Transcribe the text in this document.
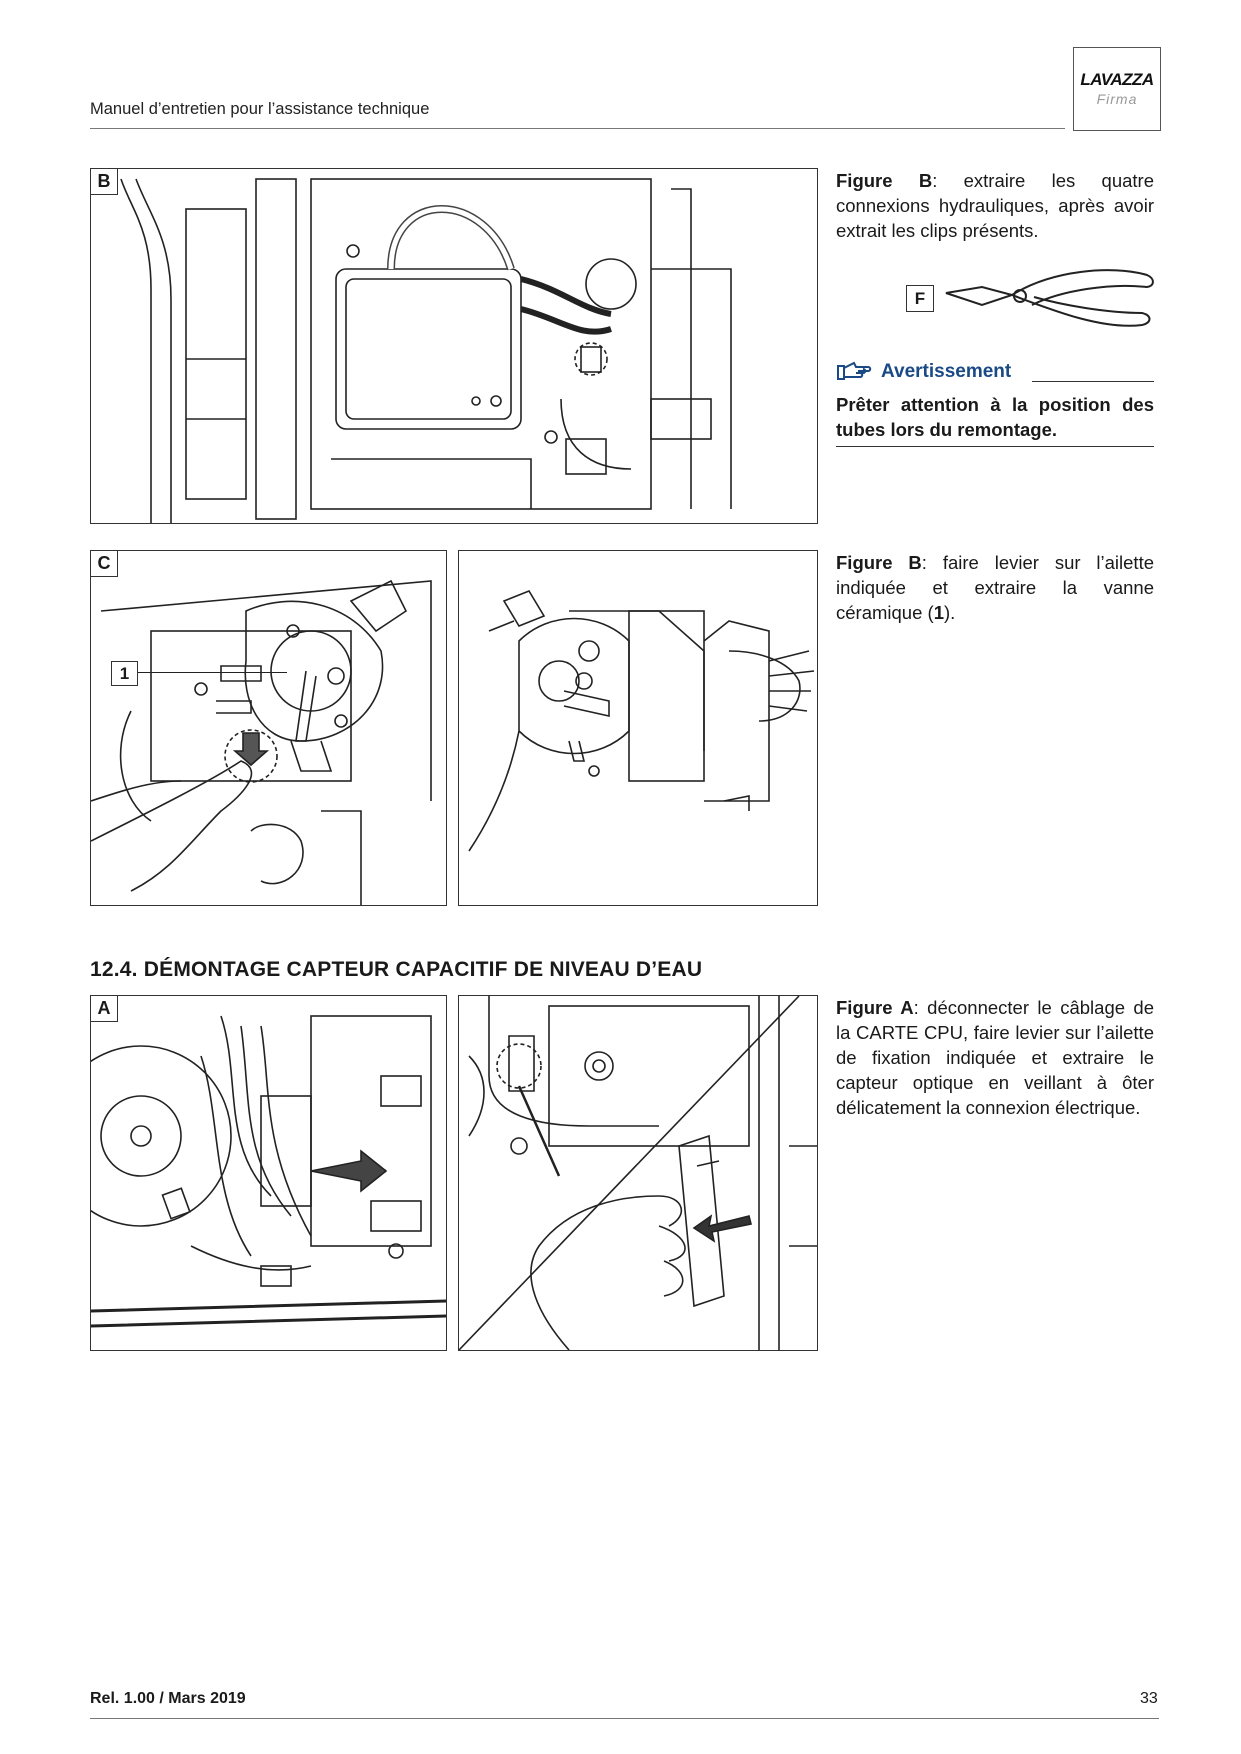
Manuel d’entretien pour l’assistance technique
LAVAZZA
Firma
B	Figure B: extraire les quatre connexions hydrauliques, après avoir extrait les clips présents.
F
Avertissement
Prêter attention à la position des tubes lors du remontage.
C
1
Figure B: faire levier sur l’ailette indiquée et extraire la vanne céramique (1).
12.4. DÉMONTAGE CAPTEUR CAPACITIF DE NIVEAU D’EAU
A	Figure A: déconnecter le câblage de la CARTE CPU, faire levier sur l’ailette de fixation indiquée et extraire le capteur optique en veillant à ôter délicatement la connexion électrique.
Rel. 1.00 / Mars 2019	33
